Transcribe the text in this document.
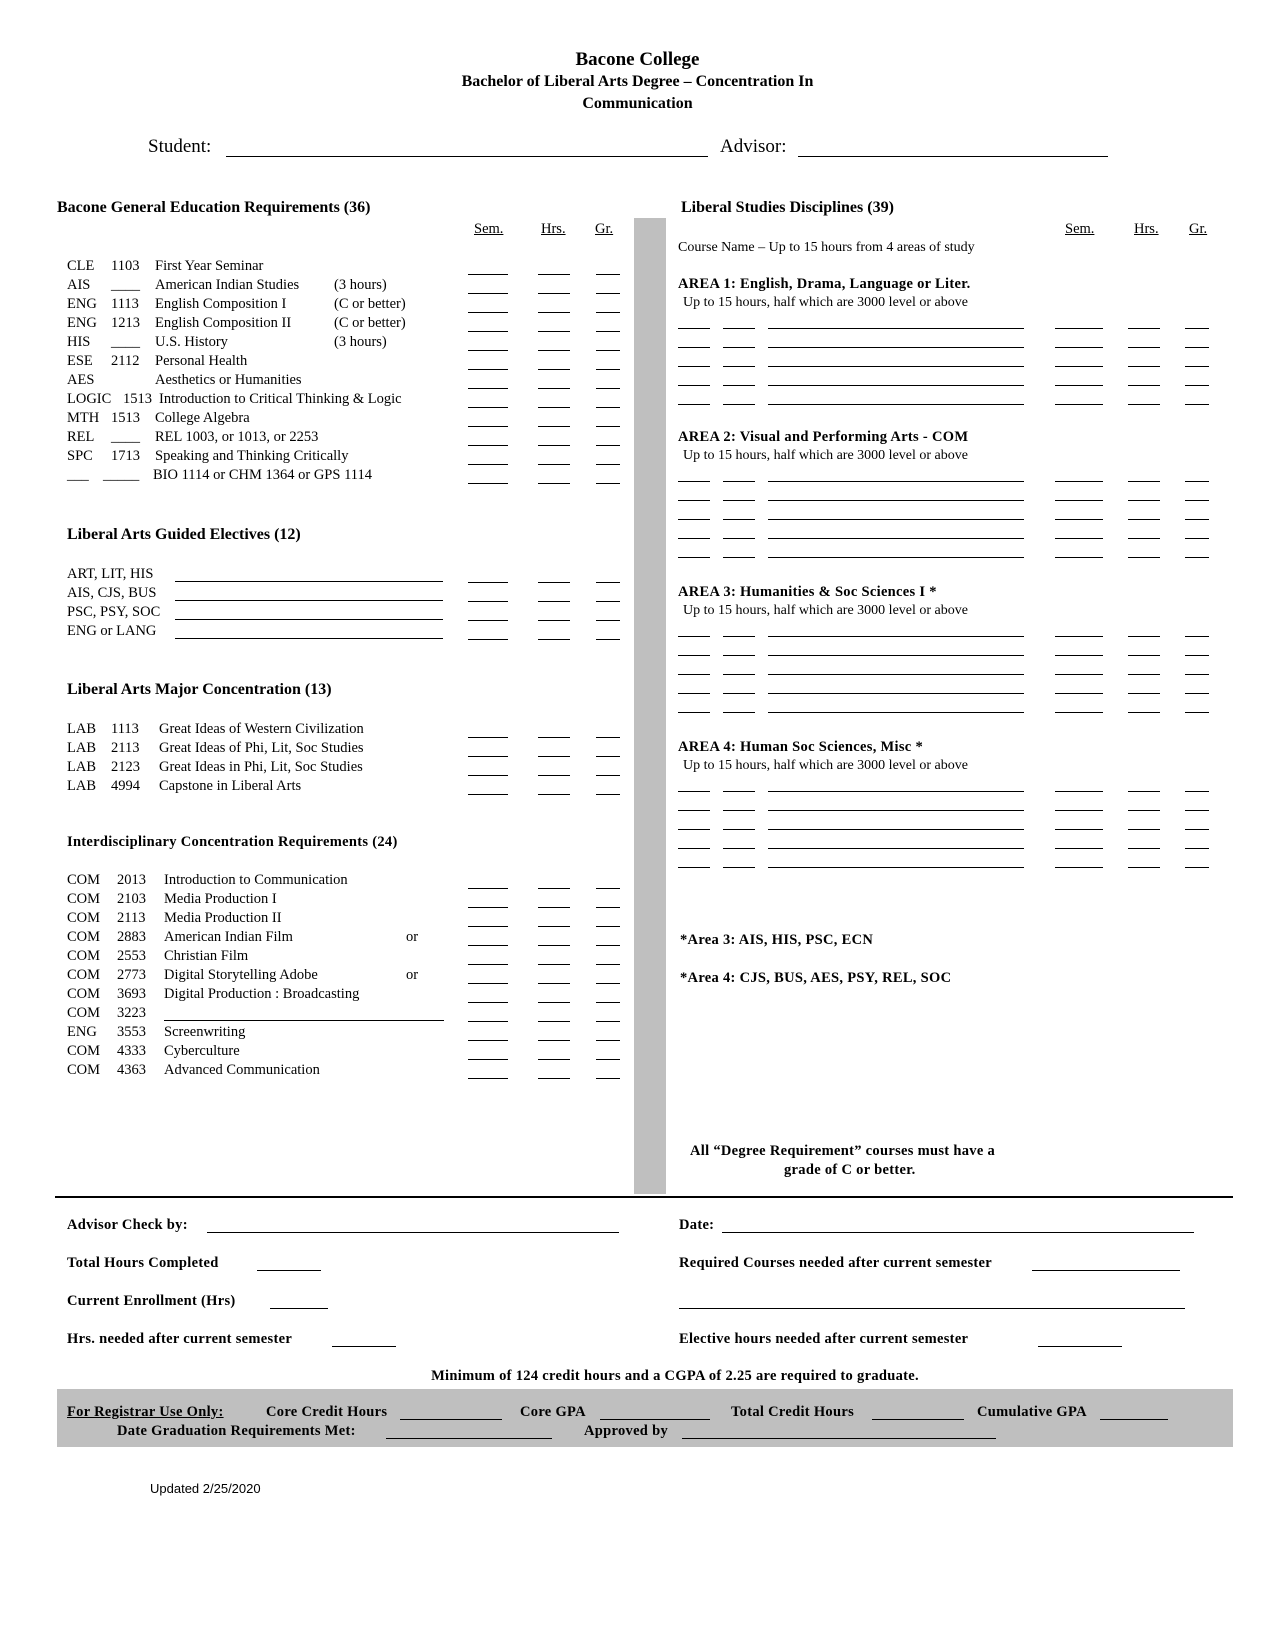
Bacone College
Bachelor of Liberal Arts Degree – Concentration In
Communication
Student:	Advisor:
Bacone General Education Requirements (36)
Sem.	Hrs. Gr.
CLE 1103 First Year Seminar
AIS ____ American Indian Studies (3 hours)
ENG 1113 English Composition I	(C or better)
ENG 1213 English Composition II	(C or better)
HIS ____ U.S. History	(3 hours)
ESE 2112 Personal Health
AES	Aesthetics or Humanities
LOGIC 1513 Introduction to Critical Thinking & Logic
MTH 1513 College Algebra
REL ____ REL 1003, or 1013, or 2253
SPC 1713 Speaking and Thinking Critically
___ _____ BIO 1114 or CHM 1364 or GPS 1114
ART, LIT, HIS
AIS, CJS, BUS
PSC, PSY, SOC
ENG or LANG
LAB 1113 Great Ideas of Western Civilization
LAB 2113 Great Ideas of Phi, Lit, Soc Studies
LAB 2123 Great Ideas in Phi, Lit, Soc Studies
LAB 4994 Capstone in Liberal Arts
COM 2013 Introduction to Communication
COM 2103 Media Production I
COM 2113 Media Production II
COM 2883 American Indian Film	or
COM 2553 Christian Film
COM 2773 Digital Storytelling Adobe	or
COM 3693 Digital Production : Broadcasting
COM 3223
ENG 3553 Screenwriting
COM 4333 Cyberculture
COM 4363 Advanced Communication
Liberal Arts Guided Electives (12)
Liberal Arts Major Concentration (13)
Interdisciplinary Concentration Requirements (24)
Liberal Studies Disciplines (39)
Sem.	Hrs. Gr.
Course Name – Up to 15 hours from 4 areas of study
AREA 1: English, Drama, Language or Liter.
Up to 15 hours, half which are 3000 level or above
AREA 2: Visual and Performing Arts - COM
Up to 15 hours, half which are 3000 level or above
AREA 3: Humanities & Soc Sciences I *
Up to 15 hours, half which are 3000 level or above
AREA 4: Human Soc Sciences, Misc *
Up to 15 hours, half which are 3000 level or above
*Area 3: AIS, HIS, PSC, ECN
*Area 4: CJS, BUS, AES, PSY, REL, SOC
All “Degree Requirement” courses must have a
grade of C or better.
Advisor Check by:	Date:
Total Hours Completed	Required Courses needed after current semester
Current Enrollment (Hrs)
Hrs. needed after current semester	Elective hours needed after current semester
Minimum of 124 credit hours and a CGPA of 2.25 are required to graduate.
For Registrar Use Only:	Core Credit Hours	Core GPA	Total Credit Hours	Cumulative GPA
Date Graduation Requirements Met:	Approved by
Updated 2/25/2020
